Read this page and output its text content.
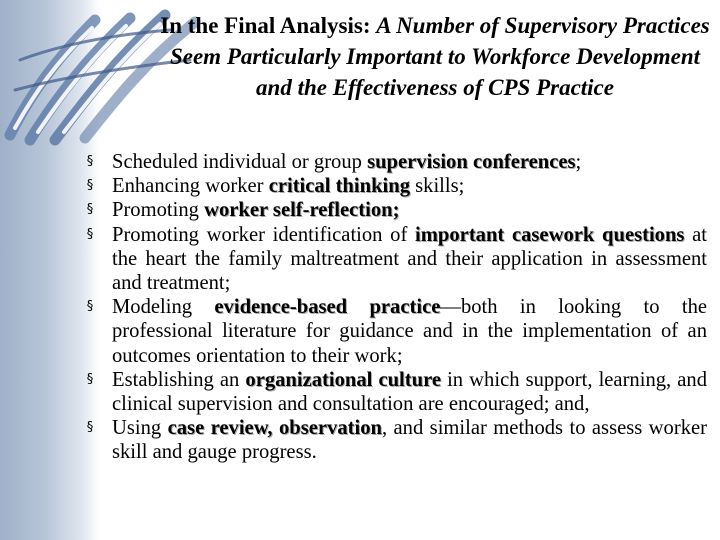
In the Final Analysis: A Number of Supervisory Practices Seem Particularly Important to Workforce Development and the Effectiveness of CPS Practice
§ Scheduled individual or group supervision conferences;
§ Enhancing worker critical thinking skills;
§ Promoting worker self-reflection;
§ Promoting worker identification of important casework questions at the heart the family maltreatment and their application in assessment and treatment;
§ Modeling evidence-based practice—both in looking to the professional literature for guidance and in the implementation of an outcomes orientation to their work;
§ Establishing an organizational culture in which support, learning, and clinical supervision and consultation are encouraged; and,
§ Using case review, observation, and similar methods to assess worker skill and gauge progress.
